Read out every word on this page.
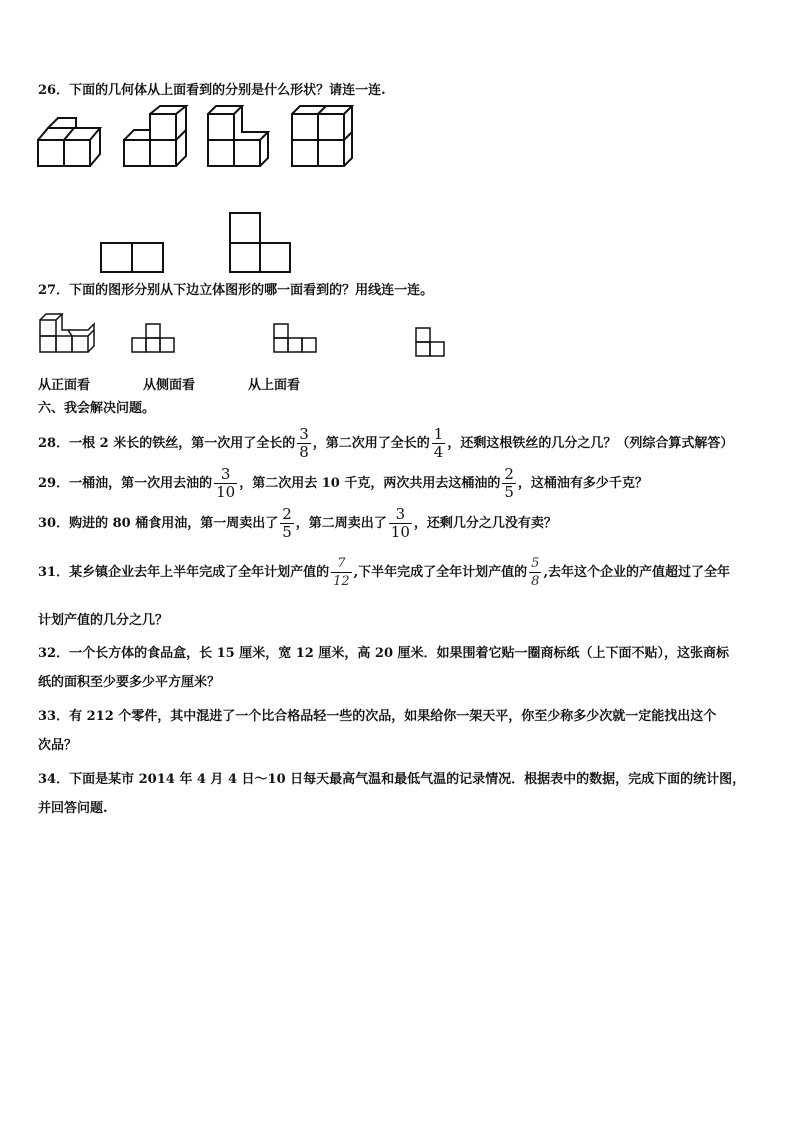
26．下面的几何体从上面看到的分别是什么形状？请连一连.
27．下面的图形分别从下边立体图形的哪一面看到的？用线连一连。
从正面看	从侧面看	从上面看
六、我会解决问题。
28．一根 2 米长的铁丝，第一次用了全长的 $\frac{3}{8}$ ，第二次用了全长的 $\frac{1}{4}$ ，还剩这根铁丝的几分之几？（列综合算式解答）
29．一桶油，第一次用去油的 $\frac{3}{10}$ ，第二次用去 10 千克，两次共用去这桶油的 $\frac{2}{5}$ ，这桶油有多少千克？
30．购进的 80 桶食用油，第一周卖出了 $\frac{2}{5}$ ，第二周卖出了 $\frac{3}{10}$ ，还剩几分之几没有卖？
31．某乡镇企业去年上半年完成了全年计划产值的 $\frac{7}{12}$ ,下半年完成了全年计划产值的 $\frac{5}{8}$ ,去年这个企业的产值超过了全年
计划产值的几分之几？
32．一个长方体的食品盒，长 15 厘米，宽 12 厘米，高 20 厘米．如果围着它贴一圈商标纸（上下面不贴），这张商标
纸的面积至少要多少平方厘米？
33．有 212 个零件，其中混进了一个比合格品轻一些的次品，如果给你一架天平，你至少称多少次就一定能找出这个
次品？
34．下面是某市 2014 年 4 月 4 日～10 日每天最高气温和最低气温的记录情况．根据表中的数据，完成下面的统计图，
并回答问题.
